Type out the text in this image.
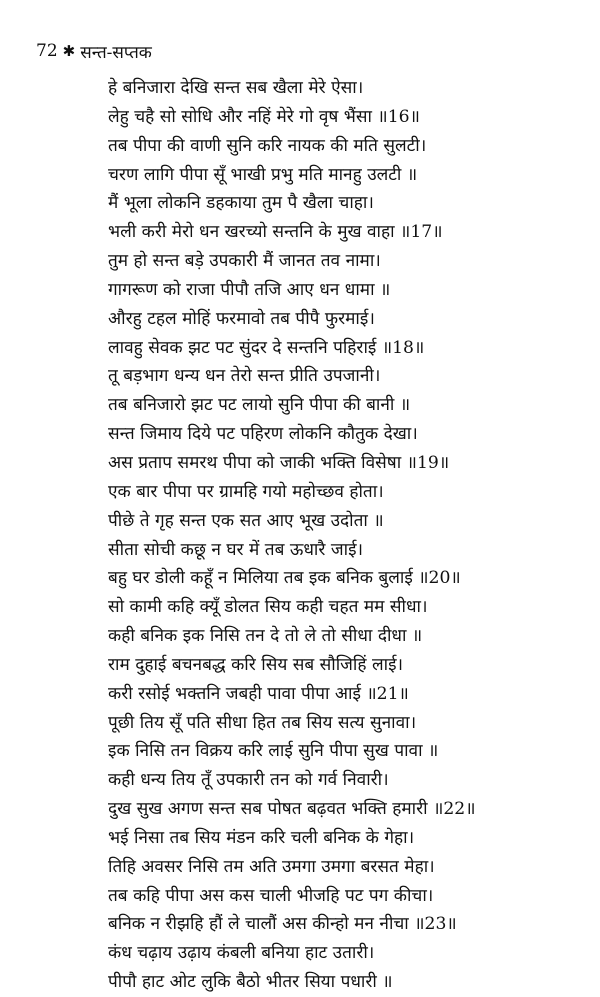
72 ✱ सन्त-सप्तक
हे बनिजारा देखि सन्त सब खैला मेरे ऐसा।
लेहु चहै सो सोधि और नहिं मेरे गो वृष भैंसा ॥16॥
तब पीपा की वाणी सुनि करि नायक की मति सुलटी।
चरण लागि पीपा सूँ भाखी प्रभु मति मानहु उलटी ॥
मैं भूला लोकनि डहकाया तुम पै खैला चाहा।
भली करी मेरो धन खरच्यो सन्तनि के मुख वाहा ॥17॥
तुम हो सन्त बड़े उपकारी मैं जानत तव नामा।
गागरूण को राजा पीपौ तजि आए धन धामा ॥
औरहु टहल मोहिं फरमावो तब पीपै फुरमाई।
लावहु सेवक झट पट सुंदर दे सन्तनि पहिराई ॥18॥
तू बड़भाग धन्य धन तेरो सन्त प्रीति उपजानी।
तब बनिजारो झट पट लायो सुनि पीपा की बानी ॥
सन्त जिमाय दिये पट पहिरण लोकनि कौतुक देखा।
अस प्रताप समरथ पीपा को जाकी भक्ति विसेषा ॥19॥
एक बार पीपा पर ग्रामहि गयो महोच्छव होता।
पीछे ते गृह सन्त एक सत आए भूख उदोता ॥
सीता सोची कछू न घर में तब ऊधारै जाई।
बहु घर डोली कहूँ न मिलिया तब इक बनिक बुलाई ॥20॥
सो कामी कहि क्यूँ डोलत सिय कही चहत मम सीधा।
कही बनिक इक निसि तन दे तो ले तो सीधा दीधा ॥
राम दुहाई बचनबद्ध करि सिय सब सौजिहिं लाई।
करी रसोई भक्तनि जबही पावा पीपा आई ॥21॥
पूछी तिय सूँ पति सीधा हित तब सिय सत्य सुनावा।
इक निसि तन विक्रय करि लाई सुनि पीपा सुख पावा ॥
कही धन्य तिय तूँ उपकारी तन को गर्व निवारी।
दुख सुख अगण सन्त सब पोषत बढ़वत भक्ति हमारी ॥22॥
भई निसा तब सिय मंडन करि चली बनिक के गेहा।
तिहि अवसर निसि तम अति उमगा उमगा बरसत मेहा।
तब कहि पीपा अस कस चाली भीजहि पट पग कीचा।
बनिक न रीझहि हौं ले चालौं अस कीन्हो मन नीचा ॥23॥
कंध चढ़ाय उढ़ाय कंबली बनिया हाट उतारी।
पीपौ हाट ओट लुकि बैठो भीतर सिया पधारी ॥
